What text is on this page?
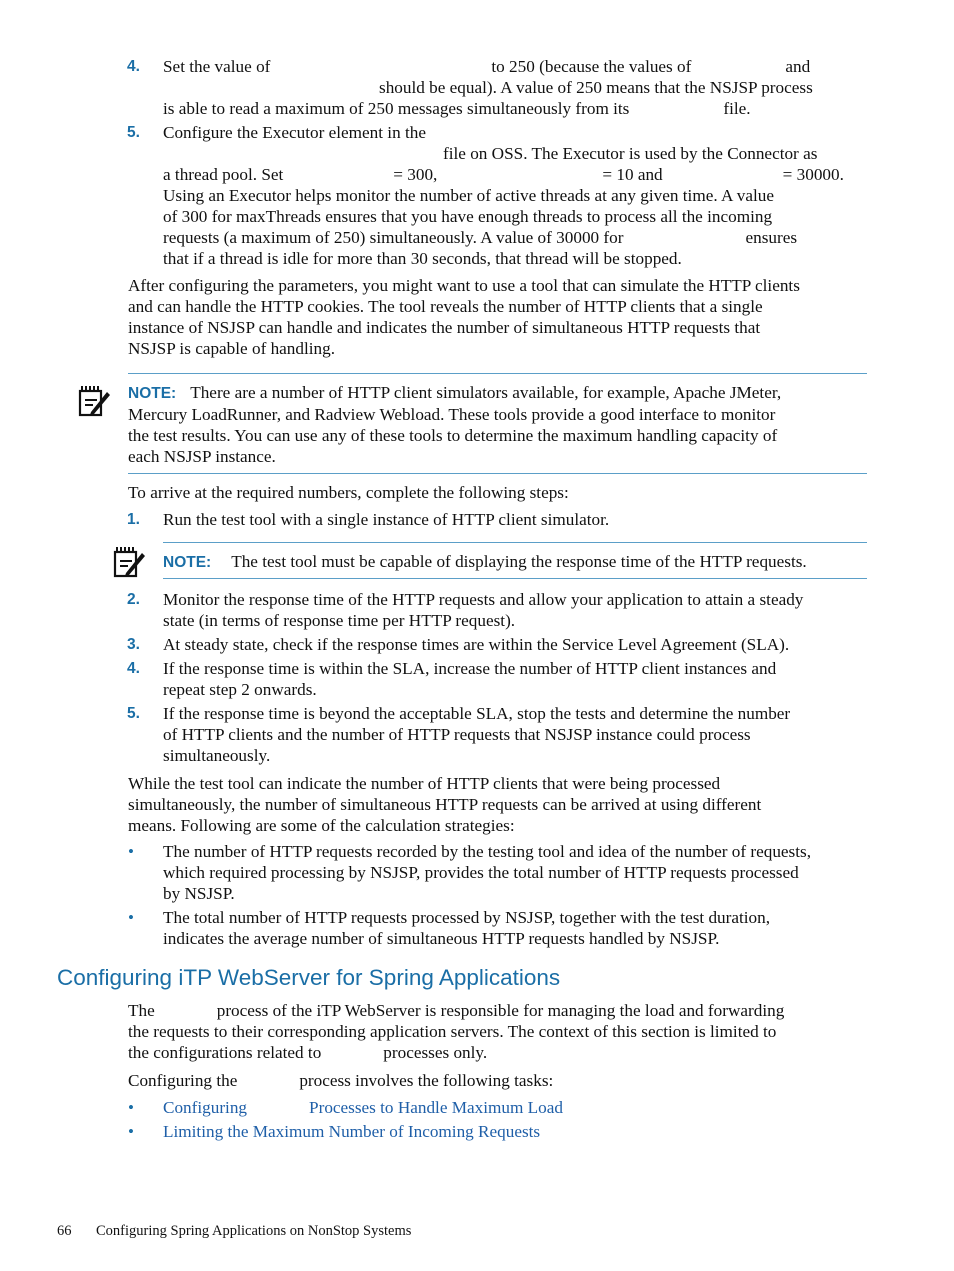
4. Set the value of	to 250 (because the values of	and
should be equal). A value of 250 means that the NSJSP process
is able to read a maximum of 250 messages simultaneously from its	file.
5. Configure the Executor element in the
file on OSS. The Executor is used by the Connector as
a thread pool. Set	= 300,	= 10 and	= 30000.
Using an Executor helps monitor the number of active threads at any given time. A value
of 300 for maxThreads ensures that you have enough threads to process all the incoming
requests (a maximum of 250) simultaneously. A value of 30000 for	ensures
that if a thread is idle for more than 30 seconds, that thread will be stopped.
After configuring the parameters, you might want to use a tool that can simulate the HTTP clients
and can handle the HTTP cookies. The tool reveals the number of HTTP clients that a single
instance of NSJSP can handle and indicates the number of simultaneous HTTP requests that
NSJSP is capable of handling.
NOTE: There are a number of HTTP client simulators available, for example, Apache JMeter,
Mercury LoadRunner, and Radview Webload. These tools provide a good interface to monitor
the test results. You can use any of these tools to determine the maximum handling capacity of
each NSJSP instance.
To arrive at the required numbers, complete the following steps:
1. Run the test tool with a single instance of HTTP client simulator.
NOTE: The test tool must be capable of displaying the response time of the HTTP requests.
2. Monitor the response time of the HTTP requests and allow your application to attain a steady
state (in terms of response time per HTTP request).
3. At steady state, check if the response times are within the Service Level Agreement (SLA).
4. If the response time is within the SLA, increase the number of HTTP client instances and
repeat step 2 onwards.
5. If the response time is beyond the acceptable SLA, stop the tests and determine the number
of HTTP clients and the number of HTTP requests that NSJSP instance could process
simultaneously.
While the test tool can indicate the number of HTTP clients that were being processed
simultaneously, the number of simultaneous HTTP requests can be arrived at using different
means. Following are some of the calculation strategies:
• The number of HTTP requests recorded by the testing tool and idea of the number of requests,
which required processing by NSJSP, provides the total number of HTTP requests processed
by NSJSP.
• The total number of HTTP requests processed by NSJSP, together with the test duration,
indicates the average number of simultaneous HTTP requests handled by NSJSP.
Configuring iTP WebServer for Spring Applications
The	process of the iTP WebServer is responsible for managing the load and forwarding
the requests to their corresponding application servers. The context of this section is limited to
the configurations related to	processes only.
Configuring the	process involves the following tasks:
• Configuring	Processes to Handle Maximum Load
• Limiting the Maximum Number of Incoming Requests
66 Configuring Spring Applications on NonStop Systems
